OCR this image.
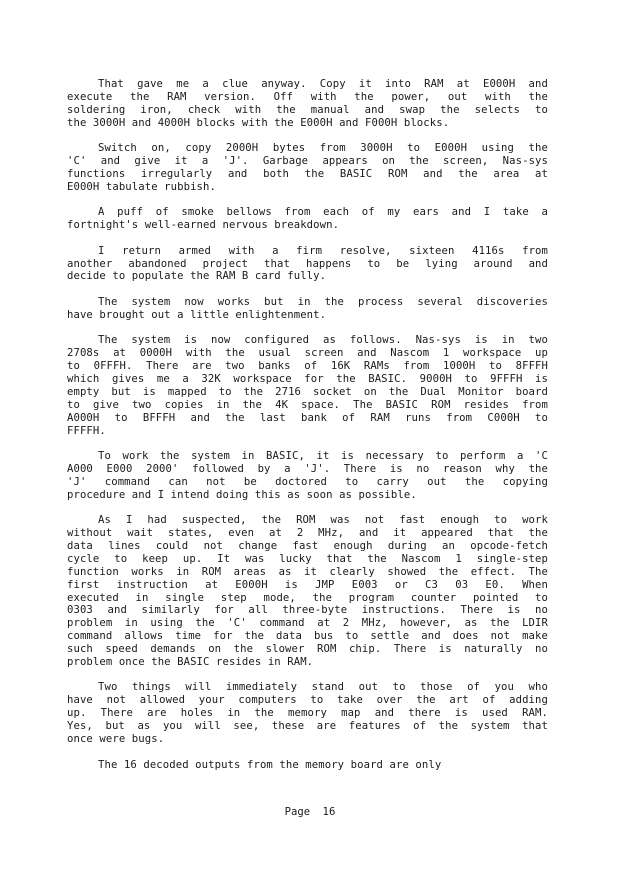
That gave me a clue anyway. Copy it into RAM at E000H and
execute the RAM version. Off with the power, out with the
soldering iron, check with the manual and swap the selects to
the 3000H and 4000H blocks with the E000H and F000H blocks.
Switch on, copy 2000H bytes from 3000H to E000H using the
'C' and give it a 'J'. Garbage appears on the screen, Nas-sys
functions irregularly and both the BASIC ROM and the area at
E000H tabulate rubbish.
A puff of smoke bellows from each of my ears and I take a
fortnight's well-earned nervous breakdown.
I return armed with a firm resolve, sixteen 4116s from
another abandoned project that happens to be lying around and
decide to populate the RAM B card fully.
The system now works but in the process several discoveries
have brought out a little enlightenment.
The system is now configured as follows. Nas-sys is in two
2708s at 0000H with the usual screen and Nascom 1 workspace up
to 0FFFH. There are two banks of 16K RAMs from 1000H to 8FFFH
which gives me a 32K workspace for the BASIC. 9000H to 9FFFH is
empty but is mapped to the 2716 socket on the Dual Monitor board
to give two copies in the 4K space. The BASIC ROM resides from
A000H to BFFFH and the last bank of RAM runs from C000H to
FFFFH.
To work the system in BASIC, it is necessary to perform a 'C
A000 E000 2000' followed by a 'J'. There is no reason why the
'J' command can not be doctored to carry out the copying
procedure and I intend doing this as soon as possible.
As I had suspected, the ROM was not fast enough to work
without wait states, even at 2 MHz, and it appeared that the
data lines could not change fast enough during an opcode-fetch
cycle to keep up. It was lucky that the Nascom 1 single-step
function works in ROM areas as it clearly showed the effect. The
first instruction at E000H is JMP E003 or C3 03 E0. When
executed in single step mode, the program counter pointed to
0303 and similarly for all three-byte instructions. There is no
problem in using the 'C' command at 2 MHz, however, as the LDIR
command allows time for the data bus to settle and does not make
such speed demands on the slower ROM chip. There is naturally no
problem once the BASIC resides in RAM.
Two things will immediately stand out to those of you who
have not allowed your computers to take over the art of adding
up. There are holes in the memory map and there is used RAM.
Yes, but as you will see, these are features of the system that
once were bugs.
The 16 decoded outputs from the memory board are only
Page 16
